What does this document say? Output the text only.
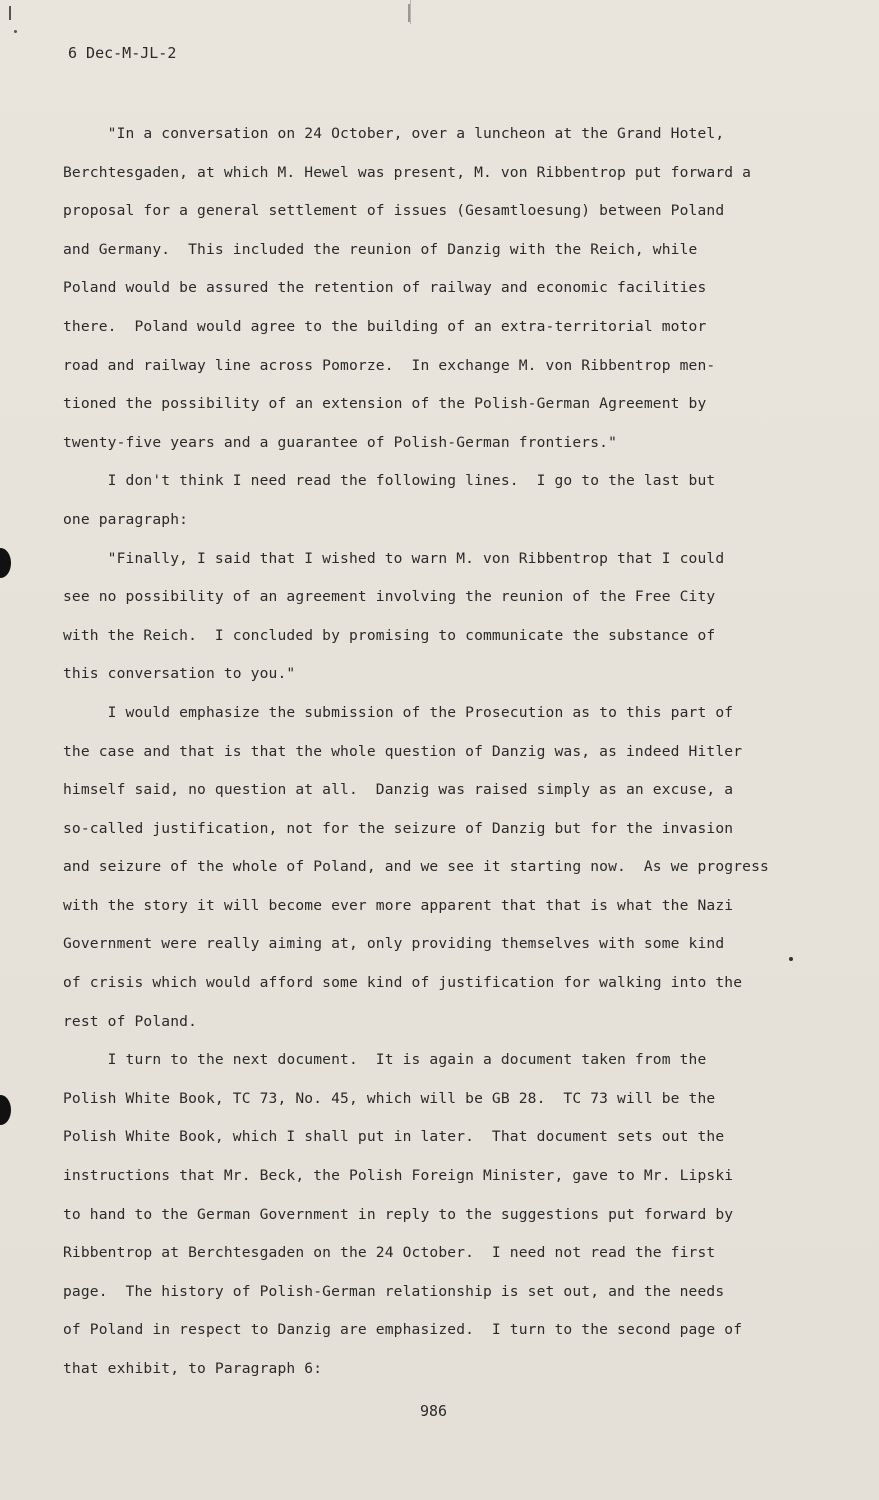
6 Dec-M-JL-2
"In a conversation on 24 October, over a luncheon at the Grand Hotel,
Berchtesgaden, at which M. Hewel was present, M. von Ribbentrop put forward a
proposal for a general settlement of issues (Gesamtloesung) between Poland
and Germany.  This included the reunion of Danzig with the Reich, while
Poland would be assured the retention of railway and economic facilities
there.  Poland would agree to the building of an extra-territorial motor
road and railway line across Pomorze.  In exchange M. von Ribbentrop men-
tioned the possibility of an extension of the Polish-German Agreement by
twenty-five years and a guarantee of Polish-German frontiers."
I don't think I need read the following lines.  I go to the last but
one paragraph:
"Finally, I said that I wished to warn M. von Ribbentrop that I could
see no possibility of an agreement involving the reunion of the Free City
with the Reich.  I concluded by promising to communicate the substance of
this conversation to you."
I would emphasize the submission of the Prosecution as to this part of
the case and that is that the whole question of Danzig was, as indeed Hitler
himself said, no question at all.  Danzig was raised simply as an excuse, a
so-called justification, not for the seizure of Danzig but for the invasion
and seizure of the whole of Poland, and we see it starting now.  As we progress
with the story it will become ever more apparent that that is what the Nazi
Government were really aiming at, only providing themselves with some kind
of crisis which would afford some kind of justification for walking into the
rest of Poland.
I turn to the next document.  It is again a document taken from the
Polish White Book, TC 73, No. 45, which will be GB 28.  TC 73 will be the
Polish White Book, which I shall put in later.  That document sets out the
instructions that Mr. Beck, the Polish Foreign Minister, gave to Mr. Lipski
to hand to the German Government in reply to the suggestions put forward by
Ribbentrop at Berchtesgaden on the 24 October.  I need not read the first
page.  The history of Polish-German relationship is set out, and the needs
of Poland in respect to Danzig are emphasized.  I turn to the second page of
that exhibit, to Paragraph 6:
986
